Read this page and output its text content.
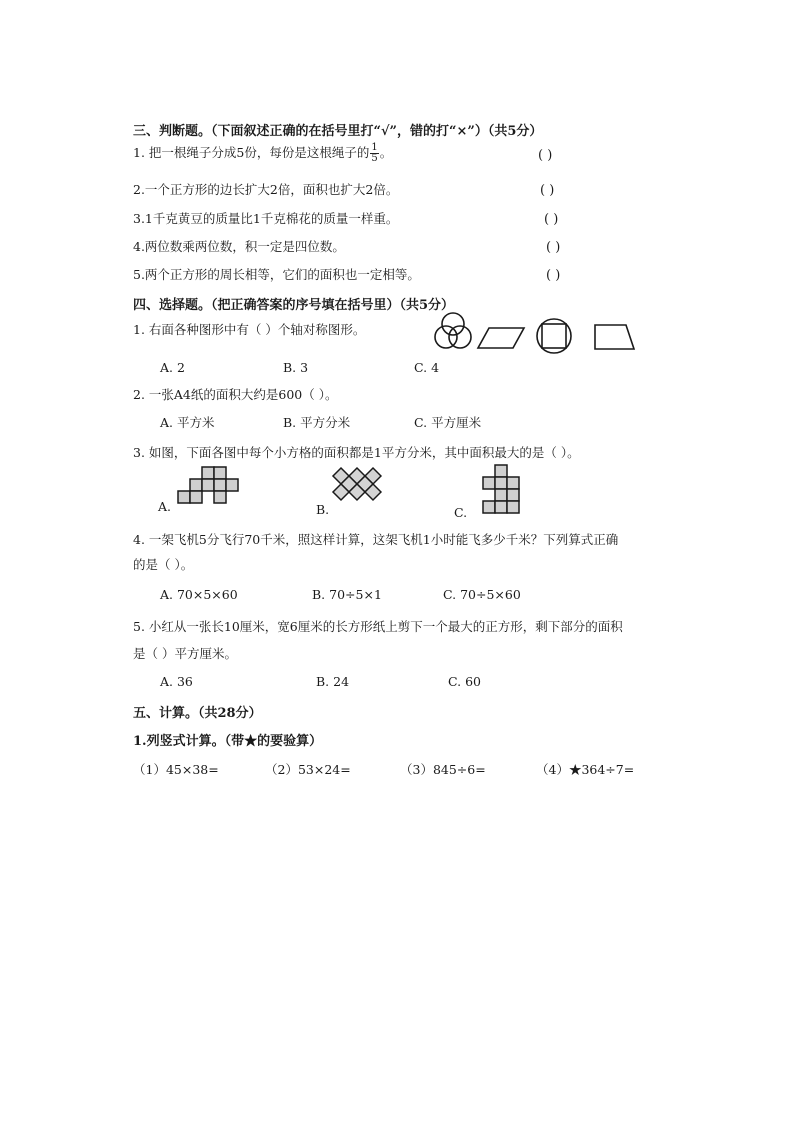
三、判断题。（下面叙述正确的在括号里打“√”，错的打“×”）（共5分）
1. 把一根绳子分成5份，每份是这根绳子的 $\frac{1}{5}$ 。	( )
2.一个正方形的边长扩大2倍，面积也扩大2倍。	( )
3.1千克黄豆的质量比1千克棉花的质量一样重。	( )
4.两位数乘两位数，积一定是四位数。	( )
5.两个正方形的周长相等，它们的面积也一定相等。	( )
四、选择题。（把正确答案的序号填在括号里）（共5分）
1. 右面各种图形中有（ ）个轴对称图形。
A. 2	B. 3	C. 4
2. 一张A4纸的面积大约是600（ ）。
A. 平方米	B. 平方分米	C. 平方厘米
3. 如图，下面各图中每个小方格的面积都是1平方分米，其中面积最大的是（ ）。
A.	B.	C.
4. 一架飞机5分飞行70千米，照这样计算，这架飞机1小时能飞多少千米？下列算式正确
的是（ ）。
A. 70×5×60	B. 70÷5×1	C. 70÷5×60
5. 小红从一张长10厘米，宽6厘米的长方形纸上剪下一个最大的正方形，剩下部分的面积
是（ ）平方厘米。
A. 36	B. 24	C. 60
五、计算。（共28分）
1.列竖式计算。（带★的要验算）
（1）45×38=	（2）53×24=	（3）845÷6=	（4）★364÷7=
